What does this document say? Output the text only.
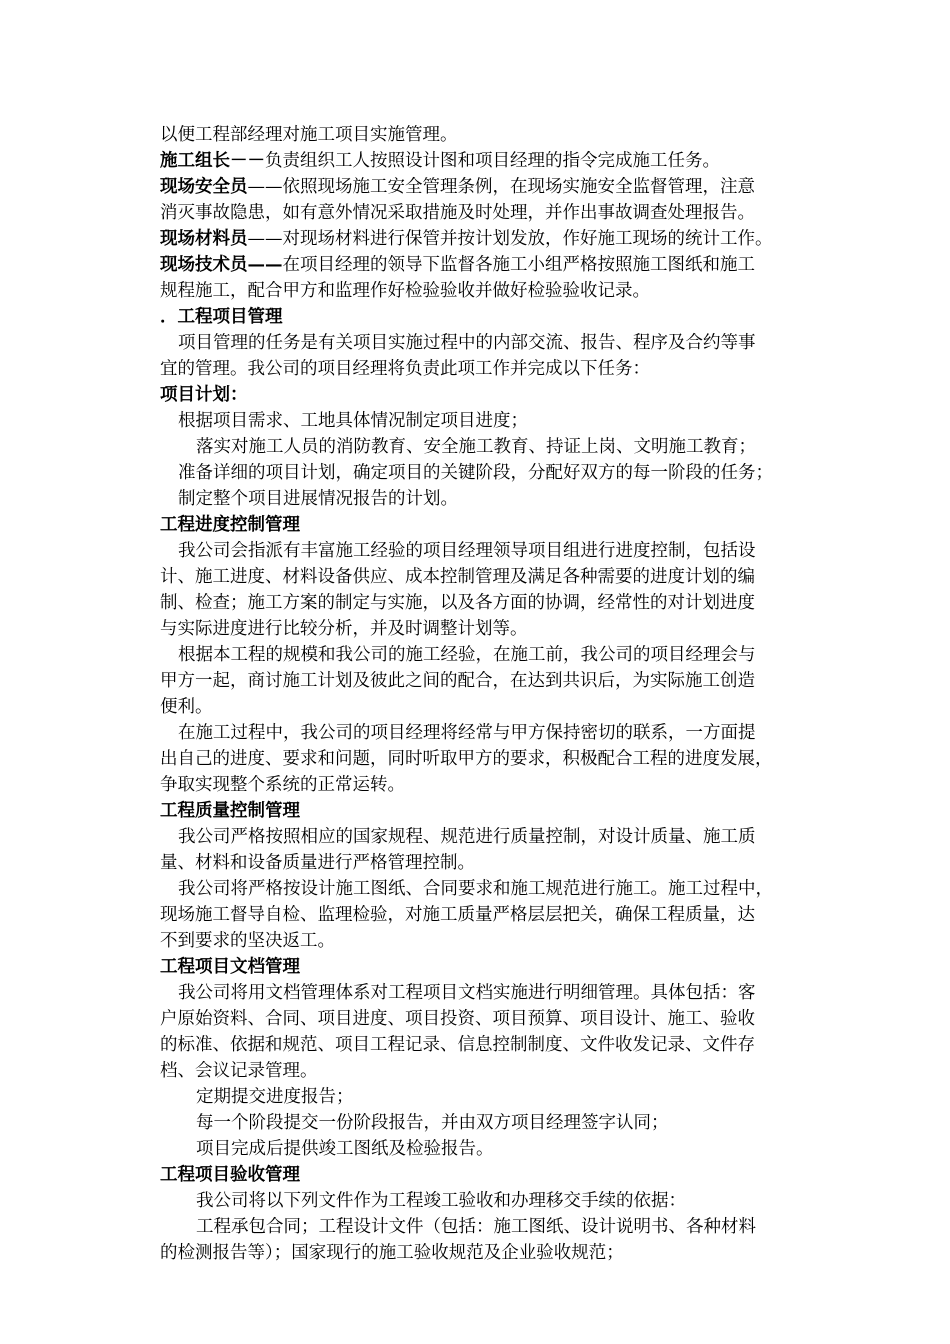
以便工程部经理对施工项目实施管理。
施工组长－－负责组织工人按照设计图和项目经理的指令完成施工任务。
现场安全员——依照现场施工安全管理条例，在现场实施安全监督管理，注意
消灭事故隐患，如有意外情况采取措施及时处理，并作出事故调查处理报告。
现场材料员——对现场材料进行保管并按计划发放，作好施工现场的统计工作。
现场技术员——在项目经理的领导下监督各施工小组严格按照施工图纸和施工
规程施工，配合甲方和监理作好检验验收并做好检验验收记录。
．工程项目管理
项目管理的任务是有关项目实施过程中的内部交流、报告、程序及合约等事
宜的管理。我公司的项目经理将负责此项工作并完成以下任务：
项目计划：
根据项目需求、工地具体情况制定项目进度；
落实对施工人员的消防教育、安全施工教育、持证上岗、文明施工教育；
准备详细的项目计划，确定项目的关键阶段，分配好双方的每一阶段的任务；
制定整个项目进展情况报告的计划。
工程进度控制管理
我公司会指派有丰富施工经验的项目经理领导项目组进行进度控制，包括设
计、施工进度、材料设备供应、成本控制管理及满足各种需要的进度计划的编
制、检查；施工方案的制定与实施，以及各方面的协调，经常性的对计划进度
与实际进度进行比较分析，并及时调整计划等。
根据本工程的规模和我公司的施工经验，在施工前，我公司的项目经理会与
甲方一起，商讨施工计划及彼此之间的配合，在达到共识后，为实际施工创造
便利。
在施工过程中，我公司的项目经理将经常与甲方保持密切的联系，一方面提
出自己的进度、要求和问题，同时听取甲方的要求，积极配合工程的进度发展，
争取实现整个系统的正常运转。
工程质量控制管理
我公司严格按照相应的国家规程、规范进行质量控制，对设计质量、施工质
量、材料和设备质量进行严格管理控制。
我公司将严格按设计施工图纸、合同要求和施工规范进行施工。施工过程中，
现场施工督导自检、监理检验，对施工质量严格层层把关，确保工程质量，达
不到要求的坚决返工。
工程项目文档管理
我公司将用文档管理体系对工程项目文档实施进行明细管理。具体包括：客
户原始资料、合同、项目进度、项目投资、项目预算、项目设计、施工、验收
的标准、依据和规范、项目工程记录、信息控制制度、文件收发记录、文件存
档、会议记录管理。
定期提交进度报告；
每一个阶段提交一份阶段报告，并由双方项目经理签字认同；
项目完成后提供竣工图纸及检验报告。
工程项目验收管理
我公司将以下列文件作为工程竣工验收和办理移交手续的依据：
工程承包合同；工程设计文件（包括：施工图纸、设计说明书、各种材料
的检测报告等）；国家现行的施工验收规范及企业验收规范；
